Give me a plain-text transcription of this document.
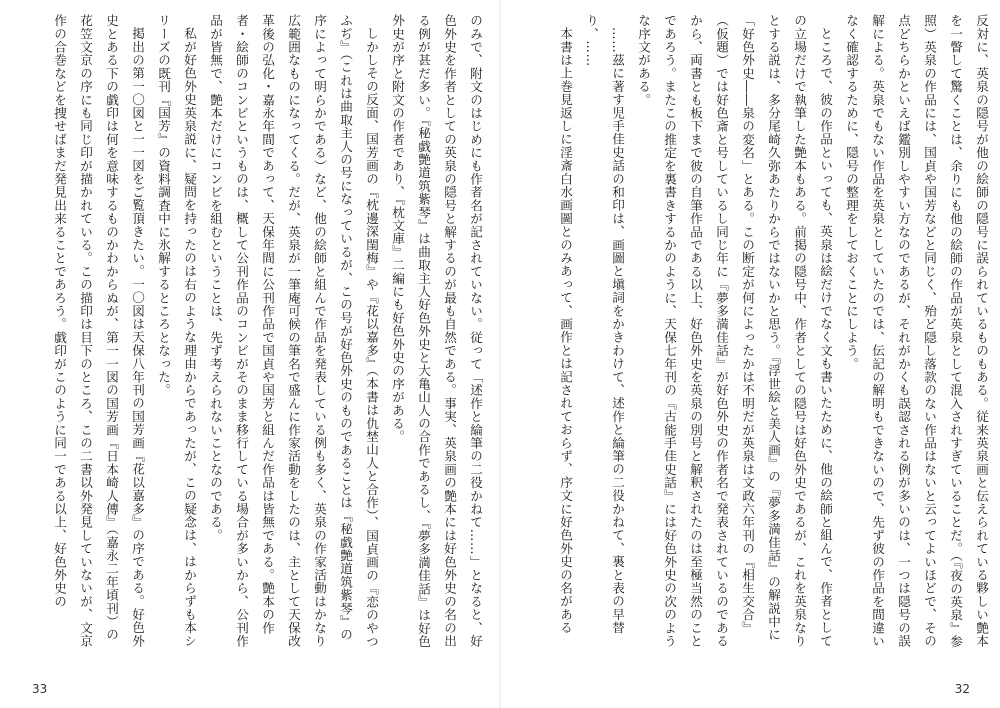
のみで、附文のはじめにも作者名が記されていない。従って「述作と綸筆の二役かねて……」となると、好色外史を作者としての英泉の隠号と解するのが最も自然である。事実、英泉画の艶本には好色外史の名の出る例が甚だ多い。『秘戯艶道筑紫琴』は曲取主人好色外史と大亀山人の合作であるし、『夢多満佳話』は好色外史が序と附文の作者であり、『枕文庫』二編にも好色外史の序がある。

しかしその反面、国芳画の『枕邊深閨梅』や『花以嘉多』（本書は仇埜山人と合作）、国貞画の『恋のやつふぢ』（これは曲取主人の号になっているが、この号が好色外史のものであることは『秘戯艶道筑紫琴』の序によって明らかである）など、他の絵師と組んで作品を発表している例も多く、英泉の作家活動はかなり広範囲なものになってくる。だが、英泉が一筆庵可候の筆名で盛んに作家活動をしたのは、主として天保改革後の弘化・嘉永年間であって、天保年間に公刊作品で国貞や国芳と組んだ作品は皆無である。艶本の作者・絵師のコンビというものは、概して公刊作品のコンビがそのまま移行している場合が多いから、公刊作品が皆無で、艶本だけにコンビを組むということは、先ず考えられないことなのである。

私が好色外史英泉説に、疑問を持ったのは右のような理由からであったが、この疑念は、はからずも本シリーズの既刊『国芳』の資料調査中に氷解するところとなった。

掲出の第一〇図と一一図をご覧頂きたい。一〇図は天保八年刊の国芳画『花以嘉多』の序である。好色外史とある下の戯印は何を意味するものかわからぬが、第一一図の国芳画『日本崎人傳』（嘉永二年頃刊）の花笠文京の序にも同じ印が描かれている。この描印は目下のところ、この二書以外発見していないが、文京作の合巻などを捜せばまだ発見出来ることであろう。戯印がこのように同一である以上、好色外史の

33

反対に、英泉の隠号が他の絵師の隠号に誤られているものもある。従来英泉画と伝えられている夥しい艶本を一瞥して驚くことは、余りにも他の絵師の作品が英泉として混入されすぎていることだ。（『夜の英泉』参照）英泉の作品には、国貞や国芳などと同じく、殆ど隠し落款のない作品はないと云ってよいほどで、その点どちらかといえば鑑別しやすい方なのであるが、それがかくも誤認される例が多いのは、一つは隠号の誤解による。英泉でもない作品を英泉としていたのでは、伝記の解明もできないので、先ず彼の作品を間違いなく確認するために、隠号の整理をしておくことにしよう。

ところで、彼の作品といっても、英泉は絵だけでなく文も書いたために、他の絵師と組んで、作者としての立場だけで執筆した艶本もある。前掲の隠号中、作者としての隠号は好色外史であるが、これを英泉なりとする説は、多分尾崎久弥あたりからではないかと思う。『浮世絵と美人画』の『夢多満佳話』の解説中に「好色外史――泉の変名」とある。この断定が何によったかは不明だが英泉は文政六年刊の『相生交合』（仮題）では好色斎と号しているし同じ年に『夢多満佳話』が好色外史の作者名で発表されているのであるから、両書とも板下まで彼の自筆作品である以上、好色外史を英泉の別号と解釈されたのは至極当然のことであろう。またこの推定を裏書きするかのように、天保七年刊の『古能手佳史話』には好色外史の次のような序文がある。

……茲に著す児手佳史話の和印は、画圖と塡詞をかきわけて、述作と綸筆の二役かねて、裏と表の早替り、……

本書は上巻見返しに淫斎白水画圖とのみあって、画作とは記されておらず、序文に好色外史の名がある

32
